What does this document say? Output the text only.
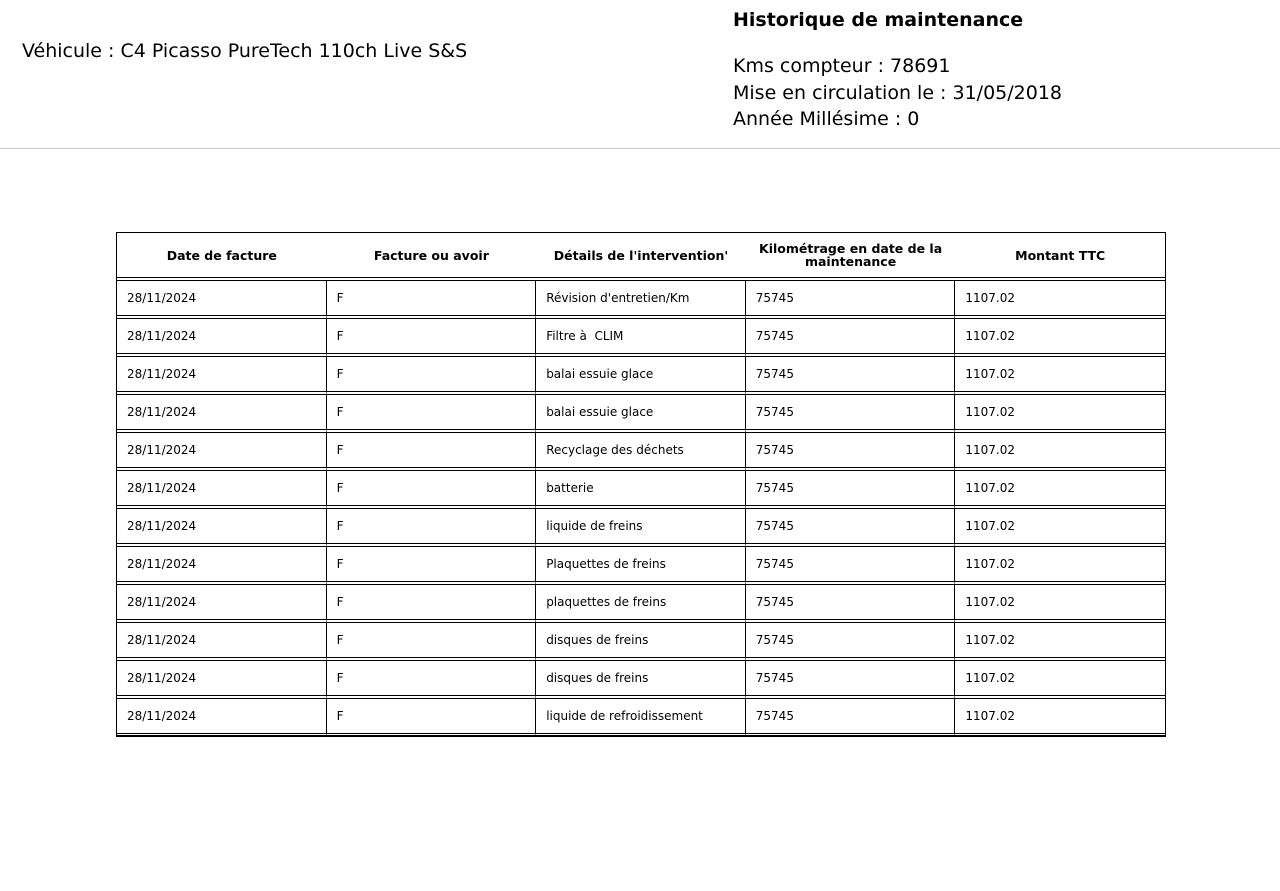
Véhicule : C4 Picasso PureTech 110ch Live S&S
Historique de maintenance
Kms compteur : 78691
Mise en circulation le : 31/05/2018
Année Millésime : 0
Date de facture	Facture ou avoir	Détails de l'intervention'	Kilométrage en date de la maintenance	Montant TTC
28/11/2024	F	Révision d'entretien/Km	75745	1107.02
28/11/2024	F	Filtre à  CLIM	75745	1107.02
28/11/2024	F	balai essuie glace	75745	1107.02
28/11/2024	F	balai essuie glace	75745	1107.02
28/11/2024	F	Recyclage des déchets	75745	1107.02
28/11/2024	F	batterie	75745	1107.02
28/11/2024	F	liquide de freins	75745	1107.02
28/11/2024	F	Plaquettes de freins	75745	1107.02
28/11/2024	F	plaquettes de freins	75745	1107.02
28/11/2024	F	disques de freins	75745	1107.02
28/11/2024	F	disques de freins	75745	1107.02
28/11/2024	F	liquide de refroidissement	75745	1107.02
